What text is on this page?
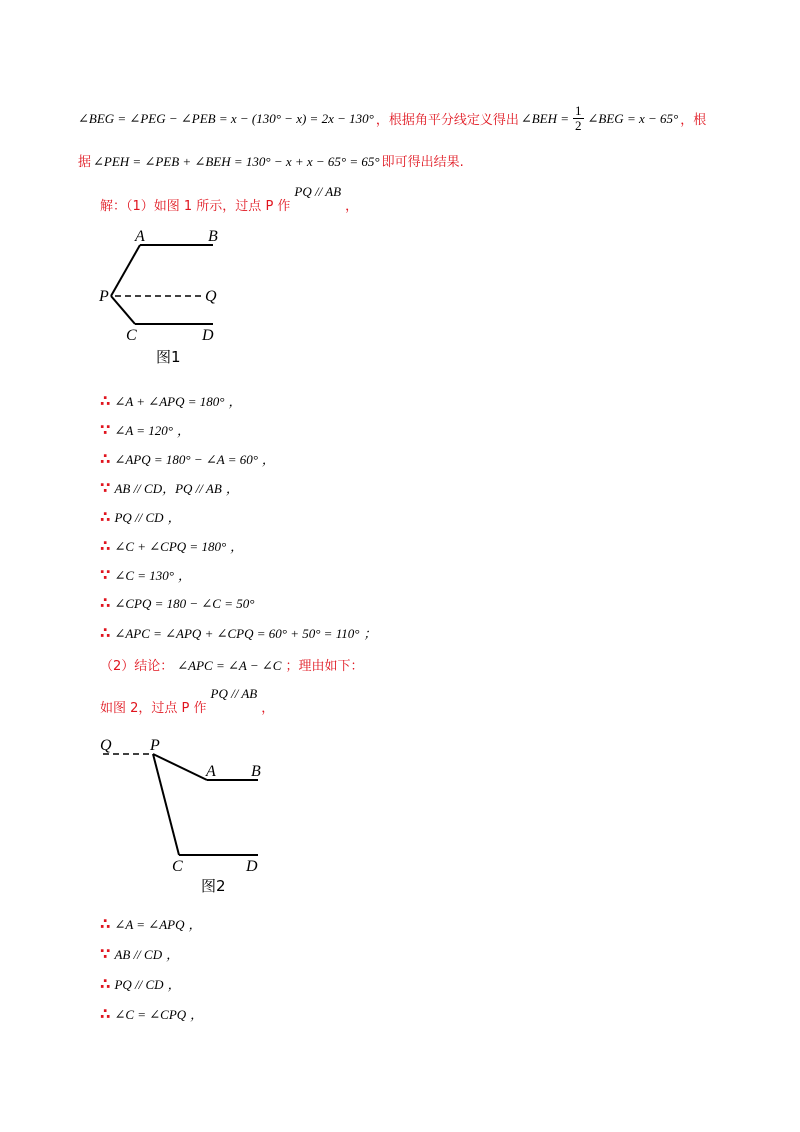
∠BEG = ∠PEG − ∠PEB = x − (130° − x) = 2x − 130° ，根据角平分线定义得出 ∠BEH = $\frac{1}{2}$ ∠BEG = x − 65° ，根
据 ∠PEH = ∠PEB + ∠BEH = 130° − x + x − 65° = 65° 即可得出结果.
解：（1）如图 1 所示，过点 P 作
PQ // AB
，
A	B
P	Q
C	D
图1
∴ ∠A + ∠APQ = 180° ，
∵ ∠A = 120° ，
∴ ∠APQ = 180° − ∠A = 60° ，
∵ AB // CD，PQ // AB ，
∴ PQ // CD ，
∴ ∠C + ∠CPQ = 180° ，
∵ ∠C = 130° ，
∴ ∠CPQ = 180 − ∠C = 50°
∴ ∠APC = ∠APQ + ∠CPQ = 60° + 50° = 110° ；
（2）结论： ∠APC = ∠A − ∠C ；理由如下：
如图 2，过点 P 作
PQ // AB
，
Q P
A B
C	D
图2
∴ ∠A = ∠APQ ，
∵ AB // CD ，
∴ PQ // CD ，
∴ ∠C = ∠CPQ ，
